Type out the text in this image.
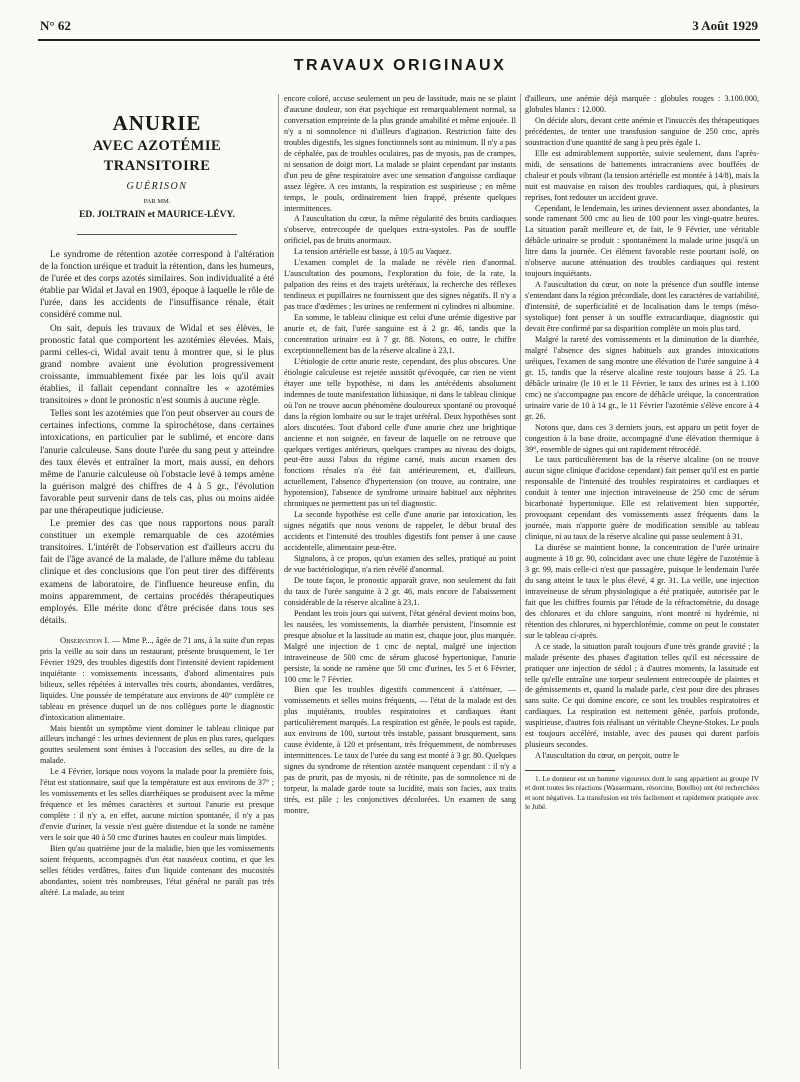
N° 62	3 Août 1929
TRAVAUX ORIGINAUX
ANURIE
AVEC AZOTÉMIE TRANSITOIRE
GUÉRISON
PAR MM.
ED. JOLTRAIN et MAURICE-LÉVY.

Le syndrome de rétention azotée correspond à l'altération de la fonction uréique et traduit la rétention, dans les humeurs, de l'urée et des corps azotés similaires. Son individualité a été établie par Widal et Javal en 1903, époque à laquelle le rôle de l'urée, dans les accidents de l'insuffisance rénale, était considéré comme nul.

On sait, depuis les travaux de Widal et ses élèves, le pronostic fatal que comportent les azotémies élevées. Mais, parmi celles-ci, Widal avait tenu à montrer que, si le plus grand nombre avaient une évolution progressivement croissante, immuablement fixée par les lois qu'il avait établies, il fallait cependant connaître les « azotémies transitoires » dont le pronostic n'est soumis à aucune règle.

Telles sont les azotémies que l'on peut observer au cours de certaines infections, comme la spirochétose, dans certaines intoxications, en particulier par le sublimé, et encore dans l'anurie calculeuse. Sans doute l'urée du sang peut y atteindre des taux élevés et entraîner la mort, mais aussi, en dehors même de l'anurie calculeuse où l'obstacle levé à temps amène la guérison malgré des chiffres de 4 à 5 gr., l'évolution favorable peut survenir dans de tels cas, plus ou moins aidée par une thérapeutique judicieuse.

Le premier des cas que nous rapportons nous paraît constituer un exemple remarquable de ces azotémies transitoires. L'intérêt de l'observation est d'ailleurs accru du fait de l'âge avancé de la malade, de l'allure même du tableau clinique et des conclusions que l'on peut tirer des différents examens de laboratoire, de l'influence heureuse enfin, du moins apparemment, de certains procédés thérapeutiques employés. Elle mérite donc d'être précisée dans tous ses détails.

Observation I. — Mme P..., âgée de 71 ans, à la suite d'un repas pris la veille au soir dans un restaurant, présente brusquement, le 1er Février 1929, des troubles digestifs dont l'intensité devient rapidement inquiétante : vomissements incessants, d'abord alimentaires puis bilieux, selles répétées à intervalles très courts, abondantes, verdâtres, liquides. Une poussée de température aux environs de 40° complète ce tableau en présence duquel un de nos collègues porte le diagnostic d'intoxication alimentaire.

Mais bientôt un symptôme vient dominer le tableau clinique par ailleurs inchangé : les urines deviennent de plus en plus rares, quelques gouttes seulement sont émises à l'occasion des selles, au dire de la malade.

Le 4 Février, lorsque nous voyons la malade pour la première fois, l'état est stationnaire, sauf que la température est aux environs de 37° ; les vomissements et les selles diarrhéiques se produisent avec la même fréquence et les mêmes caractères et surtout l'anurie est presque complète : il n'y a, en effet, aucune miction spontanée, il n'y a pas d'envie d'uriner, la vessie n'est guère distendue et la sonde ne ramène vers le soir que 40 à 50 cmc d'urines hautes en couleur mais limpides.

Bien qu'au quatrième jour de la maladie, bien que les vomissements soient fréquents, accompagnés d'un état nauséeux continu, et que les selles fétides verdâtres, faites d'un liquide contenant des mucosités abondantes, soient très nombreuses, l'état général ne paraît pas très altéré. La malade, au teint

encore coloré, accuse seulement un peu de lassitude, mais ne se plaint d'aucune douleur, son état psychique est remarquablement normal, sa conversation empreinte de la plus grande amabilité et même enjouée. Il n'y a ni somnolence ni d'ailleurs d'agitation. Restriction faite des troubles digestifs, les signes fonctionnels sont au minimum. Il n'y a pas de céphalée, pas de troubles oculaires, pas de myosis, pas de crampes, ni sensation de doigt mort. La malade se plaint cependant par instants d'un peu de gêne respiratoire avec une sensation d'angoisse cardiaque assez légère. A ces instants, la respiration est suspirieuse ; en même temps, le pouls, ordinairement bien frappé, présente quelques intermittences.

A l'auscultation du cœur, la même régularité des bruits cardiaques s'observe, entrecoupée de quelques extra-systoles. Pas de souffle orificiel, pas de bruits anormaux.

La tension artérielle est basse, à 10/5 au Vaquez.

L'examen complet de la malade ne révèle rien d'anormal. L'auscultation des poumons, l'exploration du foie, de la rate, la palpation des reins et des trajets urétéraux, la recherche des réflexes tendineux et pupillaires ne fournissent que des signes négatifs. Il n'y a pas trace d'œdèmes ; les urines ne renferment ni cylindres ni albumine.

En somme, le tableau clinique est celui d'une urémie digestive par anurie et, de fait, l'urée sanguine est à 2 gr. 46, tandis que la concentration urinaire est à 7 gr. 88. Notons, en outre, le chiffre exceptionnellement bas de la réserve alcaline à 23,1.

L'étiologie de cette anurie reste, cependant, des plus obscures. Une étiologie calculeuse est rejetée aussitôt qu'évoquée, car rien ne vient étayer une telle hypothèse, ni dans les antécédents absolument indemnes de toute manifestation lithiasique, ni dans le tableau clinique où l'on ne trouve aucun phénomène douloureux spontané ou provoqué dans la région lombaire ou sur le trajet urétéral. Deux hypothèses sont alors discutées. Tout d'abord celle d'une anurie chez une brightique ancienne et non soignée, en faveur de laquelle on ne retrouve que quelques vertiges antérieurs, quelques crampes au niveau des doigts, peut-être aussi l'abus du régime carné, mais aucun examen des fonctions rénales n'a été fait antérieurement, et, d'ailleurs, actuellement, l'absence d'hypertension (on trouve, au contraire, une hypotension), l'absence de syndrome urinaire habituel aux néphrites chroniques ne permettent pas un tel diagnostic.

La seconde hypothèse est celle d'une anurie par intoxication, les signes négatifs que nous venons de rappeler, le début brutal des accidents et l'intensité des troubles digestifs font penser à une cause accidentelle, alimentaire peut-être.

Signalons, à ce propos, qu'un examen des selles, pratiqué au point de vue bactériologique, n'a rien révélé d'anormal.

De toute façon, le pronostic apparaît grave, non seulement du fait du taux de l'urée sanguine à 2 gr. 46, mais encore de l'abaissement considérable de la réserve alcaline à 23,1.

Pendant les trois jours qui suivent, l'état général devient moins bon, les nausées, les vomissements, la diarrhée persistent, l'insomnie est presque absolue et la lassitude au matin est, chaque jour, plus marquée. Malgré une injection de 1 cmc de neptal, malgré une injection intraveineuse de 500 cmc de sérum glucosé hypertonique, l'anurie persiste, la sonde ne ramène que 50 cmc d'urines, les 5 et 6 Février, 100 cmc le 7 Février.

Bien que les troubles digestifs commencent à s'atténuer, — vomissements et selles moins fréquents, — l'état de la malade est des plus inquiétants, troubles respiratoires et cardiaques étant particulièrement marqués. La respiration est gênée, le pouls est rapide, aux environs de 100, surtout très instable, passant brusquement, sans cause évidente, à 120 et présentant, très fréquemment, de nombreuses intermittences. Le taux de l'urée du sang est monté à 3 gr. 80. Quelques signes du syndrome de rétention azotée manquent cependant : il n'y a pas de prurit, pas de myosis, ni de rétinite, pas de somnolence ni de torpeur, la malade garde toute sa lucidité, mais son facies, aux traits tirés, est pâle ; les conjonctives décolorées. Un examen de sang montre,

d'ailleurs, une anémie déjà marquée : globules rouges : 3.100.000, globules blancs : 12.000.

On décide alors, devant cette anémie et l'insuccès des thérapeutiques précédentes, de tenter une transfusion sanguine de 250 cmc, après soustraction d'une quantité de sang à peu près égale 1.

Elle est admirablement supportée, suivie seulement, dans l'après-midi, de sensations de battements intracraniens avec bouffées de chaleur et pouls vibrant (la tension artérielle est montée à 14/8), mais la nuit est mauvaise en raison des troubles cardiaques, qui, à plusieurs reprises, font redouter un accident grave.

Cependant, le lendemain, les urines deviennent assez abondantes, la sonde ramenant 500 cmc au lieu de 100 pour les vingt-quatre heures. La situation paraît meilleure et, de fait, le 9 Février, une véritable débâcle urinaire se produit : spontanément la malade urine jusqu'à un litre dans la journée. Cet élément favorable reste pourtant isolé, on n'observe aucune atténuation des troubles cardiaques qui restent toujours inquiétants.

A l'auscultation du cœur, on note la présence d'un souffle intense s'entendant dans la région précordiale, dont les caractères de variabilité, d'intensité, de superficialité et de localisation dans le temps (méso-systolique) font penser à un souffle extracardiaque, diagnostic qui devait être confirmé par sa disparition complète un mois plus tard.

Malgré la rareté des vomissements et la diminution de la diarrhée, malgré l'absence des signes habituels aux grandes intoxications uréiques, l'examen de sang montre une élévation de l'urée sanguine à 4 gr. 15, tandis que la réserve alcaline reste toujours basse à 25. La débâcle urinaire (le 10 et le 11 Février, le taux des urines est à 1.100 cmc) ne s'accompagne pas encore de débâcle uréique, la concentration urinaire varie de 10 à 14 gr., le 11 Février l'azotémie s'élève encore à 4 gr. 26.

Notons que, dans ces 3 derniers jours, est apparu un petit foyer de congestion à la base droite, accompagné d'une élévation thermique à 39°, ensemble de signes qui ont rapidement rétrocédé.

Le taux particulièrement bas de la réserve alcaline (on ne trouve aucun signe clinique d'acidose cependant) fait penser qu'il est en partie responsable de l'intensité des troubles respiratoires et cardiaques et conduit à tenter une injection intraveineuse de 250 cmc de sérum bicarbonaté hypertonique. Elle est relativement bien supportée, provoquant cependant des vomissements assez fréquents dans la journée, mais n'apporte guère de modification sensible au tableau clinique, ni au taux de la réserve alcaline qui passe seulement à 31.

La diurèse se maintient bonne, la concentration de l'urée urinaire augmente à 18 gr. 90, coïncidant avec une chute légère de l'azotémie à 3 gr. 99, mais celle-ci n'est que passagère, puisque le lendemain l'urée du sang atteint le taux le plus élevé, 4 gr. 31. La veille, une injection intraveineuse de sérum physiologique a été pratiquée, autorisée par le fait que les chiffres fournis par l'étude de la réfractométrie, du dosage des chlorures et du chlore sanguins, n'ont montré ni hydrémie, ni rétention des chlorures, ni hyperchlorémie, comme on peut le constater sur le tableau ci-après.

A ce stade, la situation paraît toujours d'une très grande gravité ; la malade présente des phases d'agitation telles qu'il est nécessaire de pratiquer une injection de sédol ; à d'autres moments, la lassitude est telle qu'elle entraîne une torpeur seulement entrecoupée de plaintes et de gémissements et, quand la malade parle, c'est pour dire des phrases sans suite. Ce qui domine encore, ce sont les troubles respiratoires et cardiaques. La respiration est nettement gênée, parfois profonde, suspirieuse, d'autres fois réalisant un véritable Cheyne-Stokes. Le pouls est toujours accéléré, instable, avec des pauses qui durent parfois plusieurs secondes.

A l'auscultation du cœur, on perçoit, outre le

1. Le donneur est un homme vigoureux dont le sang appartient au groupe IV et dont toutes les réactions (Wassermann, résorcine, Botelho) ont été recherchées et sont négatives. La transfusion est très facilement et rapidement pratiquée avec le Jubé.
